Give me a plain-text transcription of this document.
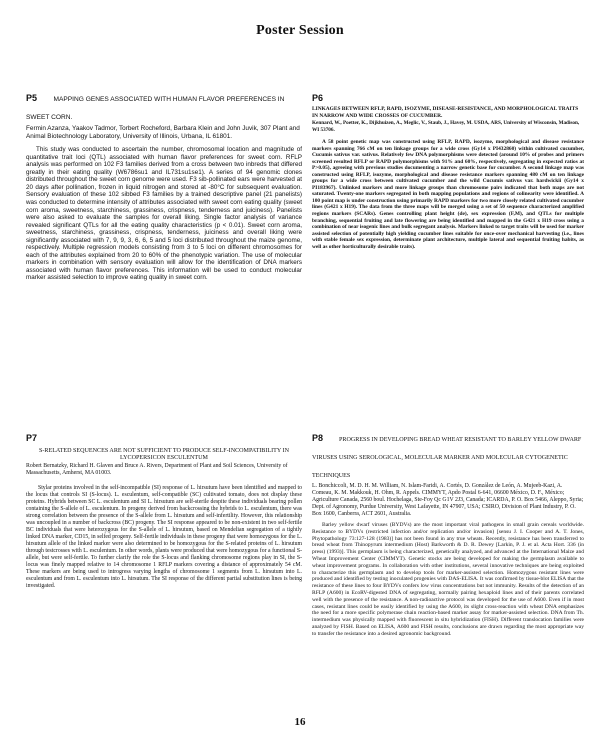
Poster Session
P5 MAPPING GENES ASSOCIATED WITH HUMAN FLAVOR PREFERENCES IN SWEET CORN.
Fermin Azanza, Yaakov Tadmor, Torbert Rocheford, Barbara Klein and John Juvik, 307 Plant and Animal Biotechnology Laboratory, University of Illinois, Urbana, IL 61801.
This study was conducted to ascertain the number, chromosomal location and magnitude of quantitative trait loci (QTL) associated with human flavor preferences for sweet corn. RFLP analysis was performed on 102 F3 families derived from a cross between two inbreds that differed greatly in their eating quality (W6786su1 and IL731su1se1). A series of 94 genomic clones distributed throughout the sweet corn genome were used. F3 sib-pollinated ears were harvested at 20 days after pollination, frozen in liquid nitrogen and stored at -80°C for subsequent evaluation. Sensory evaluation of these 102 sibbed F3 families by a trained descriptive panel (21 panelists) was conducted to determine intensity of attributes associated with sweet corn eating quality (sweet corn aroma, sweetness, starchiness, grassiness, crispness, tenderness and juiciness). Panelists were also asked to evaluate the samples for overall liking. Single factor analysis of variance revealed significant QTLs for all the eating quality characteristics (p < 0.01). Sweet corn aroma, sweetness, starchiness, grassiness, crispness, tenderness, juiciness and overall liking were significantly associated with 7, 9, 9, 3, 6, 6, 5 and 5 loci distributed throughout the maize genome, respectively. Multiple regression models consisting from 3 to 5 loci on different chromosomes for each of the attributes explained from 20 to 60% of the phenotypic variation. The use of molecular markers in combination with sensory evaluation will allow for the identification of DNA markers associated with human flavor preferences. This information will be used to conduct molecular marker assisted selection to improve eating quality in sweet corn.
P6
LINKAGES BETWEEN RFLP, RAPD, ISOZYME, DISEASE-RESISTANCE, AND MORPHOLOGICAL TRAITS IN NARROW AND WIDE CROSSES OF CUCUMBER.
Kennard, W., Poetter, K., Dijkhuizen, A., Meglic, V., Staub, J., Havey, M. USDA, ARS, University of Wisconsin, Madison, WI 53706.
A 58 point genetic map was constructed using RFLP, RAPD, isozyme, morphological and disease resistance markers spanning 766 cM on ten linkage groups for a wide cross (Gy14 x PI432860) within cultivated cucumber, Cucumis sativus var. sativus. Relatively few DNA polymorphisms were detected (around 10% of probes and primers screened resulted RFLP or RAPD polymorphisms with 91% and 60%, respectively, segregating in expected ratios at P>0.05), agreeing with previous studies documenting a narrow genetic base for cucumber. A second linkage map was constructed using RFLP, isozyme, morphological and disease resistance markers spanning 480 cM on ten linkage groups for a wide cross between cultivated cucumber and the wild Cucumis sativus var. hardwickii (Gy14 x PI183967). Unlinked markers and more linkage groups than chromosome pairs indicated that both maps are not saturated. Twenty-one markers segregated in both mapping populations and regions of colinearity were identified. A 100 point map is under construction using primarily RAPD markers for two more closely related cultivated cucumber lines (G421 x H19). The data from the three maps will be merged using a set of 50 sequence characterized amplified regions markers (SCARs). Genes controlling plant height (de), sex expression (F,M), and QTLs for multiple branching, sequential fruiting and late flowering are being identified and mapped in the G421 x H19 cross using a combination of near isogenic lines and bulk segregant analysis. Markers linked to target traits will be used for marker assisted selection of potentially high yielding cucumber lines suitable for once-over mechanical harvesting (i.e., lines with stable female sex expression, determinate plant architecture, multiple lateral and sequential fruiting habits, as well as other horticulturally desirable traits).
P7
S-RELATED SEQUENCES ARE NOT SUFFICIENT TO PRODUCE SELF-INCOMPATIBILITY IN LYCOPERSICON ESCULENTUM
Robert Bernatzky, Richard H. Glaven and Bruce A. Rivers, Department of Plant and Soil Sciences, University of Massachusetts, Amherst, MA 01003.
Stylar proteins involved in the self-incompatible (SI) response of L. hirsutum have been identified and mapped to the locus that controls SI (S-locus). L. esculentum, self-compatible (SC) cultivated tomato, does not display these proteins. Hybrids between SC L. esculentum and SI L. hirsutum are self-sterile despite these individuals bearing pollen containing the S-allele of L. esculentum. In progeny derived from backcrossing the hybrids to L. esculentum, there was strong correlation between the presence of the S-allele from L. hirsutum and self-infertility. However, this relationship was uncoupled in a number of backcross (BC) progeny. The SI response appeared to be non-existent in two self-fertile BC individuals that were heterozygous for the S-allele of L. hirsutum, based on Mendelian segregation of a tightly linked DNA marker, CD15, in selfed progeny. Self-fertile individuals in these progeny that were homozygous for the L. hirsutum allele of the linked marker were also determined to be homozygous for the S-related proteins of L. hirsutum through testcrosses with L. esculentum. In other words, plants were produced that were homozygous for a functional S-allele, but were self-fertile. To further clarify the role the S-locus and flanking chromosome regions play in SI, the S-locus was finely mapped relative to 14 chromosome 1 RFLP markers covering a distance of approximately 54 cM. These markers are being used to introgress varying lengths of chromosome 1 segments from L. hirsutum into L. esculentum and from L. esculentum into L. hirsutum. The SI response of the different partial substitution lines is being investigated.
P8	PROGRESS IN DEVELOPING BREAD WHEAT RESISTANT TO BARLEY YELLOW DWARF VIRUSES USING SEROLOGICAL, MOLECULAR MARKER AND MOLECULAR CYTOGENETIC TECHNIQUES
L. Bonchiccoli, M. D. H. M. William, N. Islam-Faridi, A. Cortés, D. González de León, A. Mujeeb-Kazi, A. Comeau, K. M. Makkouk, H. Ohm, R. Appels. CIMMYT, Apdo Postal 6-641, 06600 México, D. F., México; Agriculture Canada, 2560 boul. Hochelaga, Ste-Foy Qc G1V 2J3, Canada; ICARDA, P. O. Box 5466, Aleppo, Syria; Dept. of Agronomy, Purdue University, West Lafayette, IN 47907, USA; CSIRO, Division of Plant Industry, P. O. Box 1600, Canberra, ACT 2601, Australia.
Barley yellow dwarf viruses (BYDVs) are the most important viral pathogens in small grain cereals worldwide. Resistance to BYDVs (restricted infection and/or replication and/or invasion) [sensu J. I. Cooper and A. T. Jones, Phytopathology 73:127-128 (1983)] has not been found in any true wheats. Recently, resistance has been transferred to bread wheat from Thinopyrum intermedium (Host) Barkworth & D. R. Dewey [Larkin, P. J. et al. Acta Hort. 336 (in press) (1993)]. This germplasm is being characterized, genetically analyzed, and advanced at the International Maize and Wheat Improvement Center (CIMMYT). Genetic stocks are being developed for making the germplasm available to wheat improvement programs. In collaboration with other institutions, several innovative techniques are being exploited to characterize this germplasm and to develop tools for marker-assisted selection. Homozygous resistant lines were produced and identified by testing inoculated progenies with DAS-ELISA. It was confirmed by tissue-blot ELISA that the resistance of these lines to four BYDVs confers low virus concentrations but not immunity. Results of the detection of an RFLP (A600) in EcoRV-digested DNA of segregating, normally pairing hexaploid lines and of their parents correlated well with the presence of the resistance. A non-radioactive protocol was developed for the use of A600. Even if in most cases, resistant lines could be easily identified by using the A600, its slight cross-reaction with wheat DNA emphasizes the need for a more specific polymerase chain reaction-based marker assay for marker-assisted selection. DNA from Th. intermedium was physically mapped with fluorescent in situ hybridization (FISH). Different translocation families were analyzed by FISH. Based on ELISA, A600 and FISH results, conclusions are drawn regarding the most appropriate way to transfer the resistance into a desired agronomic background.
16
